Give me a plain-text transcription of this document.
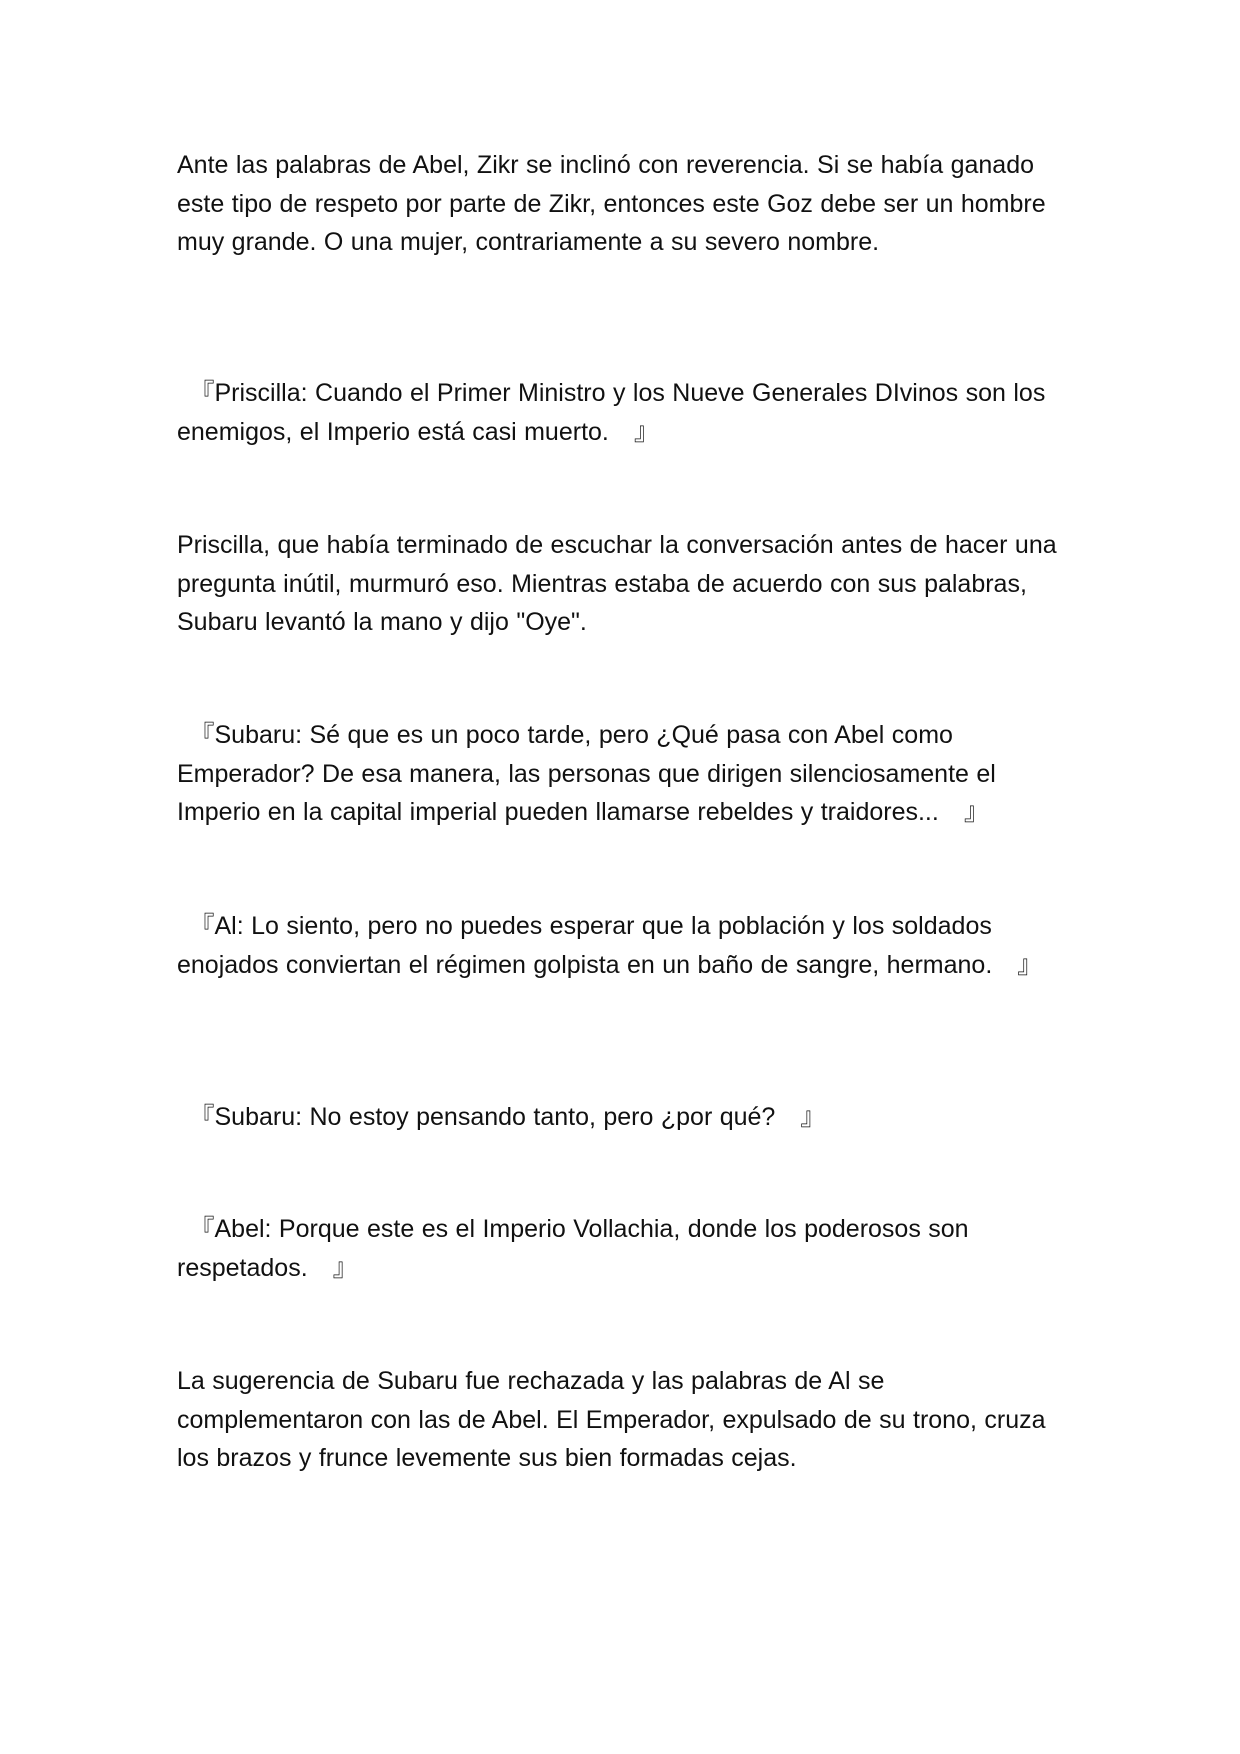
Ante las palabras de Abel, Zikr se inclinó con reverencia. Si se había ganado este tipo de respeto por parte de Zikr, entonces este Goz debe ser un hombre muy grande. O una mujer, contrariamente a su severo nombre.

　『Priscilla: Cuando el Primer Ministro y los Nueve Generales DIvinos son los enemigos, el Imperio está casi muerto.　』

Priscilla, que había terminado de escuchar la conversación antes de hacer una pregunta inútil, murmuró eso. Mientras estaba de acuerdo con sus palabras, Subaru levantó la mano y dijo "Oye".

　『Subaru: Sé que es un poco tarde, pero ¿Qué pasa con Abel como Emperador? De esa manera, las personas que dirigen silenciosamente el Imperio en la capital imperial pueden llamarse rebeldes y traidores...　』

　『Al: Lo siento, pero no puedes esperar que la población y los soldados enojados conviertan el régimen golpista en un baño de sangre, hermano.　』

　『Subaru: No estoy pensando tanto, pero ¿por qué?　』

　『Abel: Porque este es el Imperio Vollachia, donde los poderosos son respetados.　』

La sugerencia de Subaru fue rechazada y las palabras de Al se complementaron con las de Abel. El Emperador, expulsado de su trono, cruza los brazos y frunce levemente sus bien formadas cejas.
